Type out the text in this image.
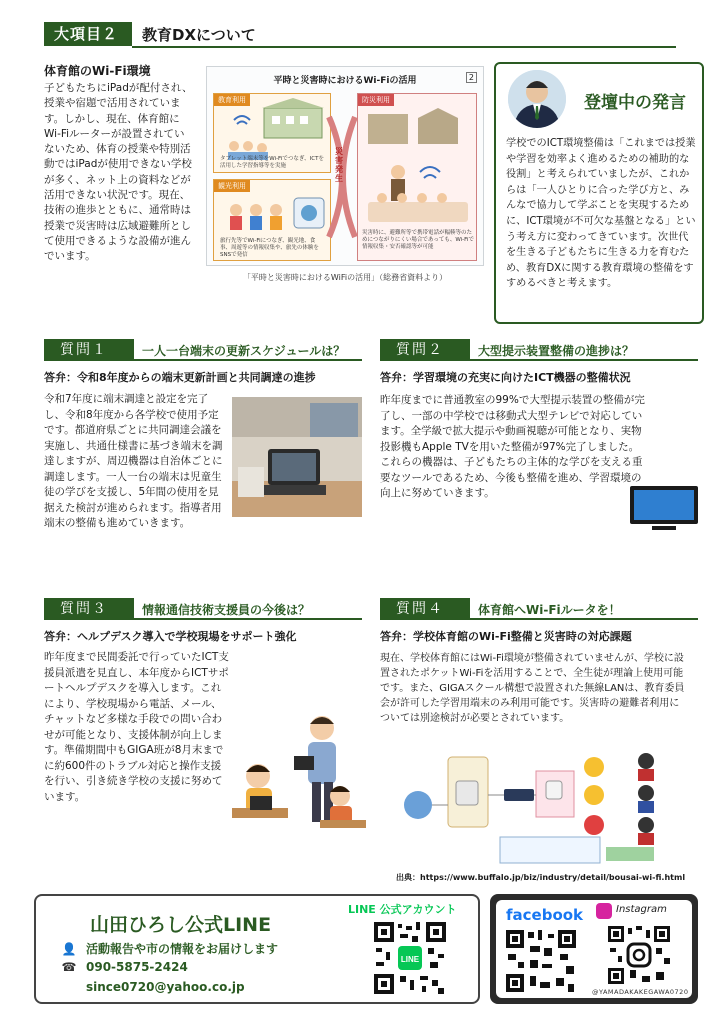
大項目２	教育DXについて
体育館のWi-Fi環境
子どもたちにiPadが配付され、授業や宿題で活用されています。しかし、現在、体育館にWi-Fiルーターが設置されていないため、体育の授業や特別活動ではiPadが使用できない学校が多く、ネット上の資料などが活用できない状況です。現在、技術の進歩とともに、通常時は授業で災害時は広域避難所として使用できるような設備が進んでいます。
平時と災害時におけるWi-Fiの活用	2
教育利用
タブレット端末等をWi-Fiでつなぎ、ICTを活用した学習指導等を実施
観光利用
旅行先等でWi-Fiにつなぎ、観光地、食事、周遊等の情報収集や、旅先の体験をSNSで発信
災害発生
防災利用
災害時に、避難所等で携帯電話が輻輳等のためにつながりにくい場合であっても、Wi-Fiで情報収集・安否確認等が可能
「平時と災害時におけるWiFiの活用」（総務省資料より）
登壇中の発言
学校でのICT環境整備は「これまでは授業や学習を効率よく進めるための補助的な役割」と考えられていましたが、これからは「一人ひとりに合った学び方と、みんなで協力して学ぶことを実現するために、ICT環境が不可欠な基盤となる」という考え方に変わってきています。次世代を生きる子どもたちに生きる力を育むため、教育DXに関する教育環境の整備をすすめるべきと考えます。
質問１	一人一台端末の更新スケジュールは？
答弁：令和8年度からの端末更新計画と共同調達の進捗
令和7年度に端末調達と設定を完了し、令和8年度から各学校で使用予定です。都道府県ごとに共同調達会議を実施し、共通仕様書に基づき端末を調達しますが、周辺機器は自治体ごとに調達します。一人一台の端末は児童生徒の学びを支援し、5年間の使用を見据えた検討が進められます。指導者用端末の整備も進めていきます。
質問２	大型提示装置整備の進捗は？
答弁：学習環境の充実に向けたICT機器の整備状況
昨年度までに普通教室の99%で大型提示装置の整備が完了し、一部の中学校では移動式大型テレビで対応しています。全学級で拡大提示や動画視聴が可能となり、実物投影機もApple TVを用いた整備が97%完了しました。これらの機器は、子どもたちの主体的な学びを支える重要なツールであるため、今後も整備を進め、学習環境の向上に努めていきます。
質問３	情報通信技術支援員の今後は？
答弁：ヘルプデスク導入で学校現場をサポート強化
昨年度まで民間委託で行っていたICT支援員派遣を見直し、本年度からICTサポートヘルプデスクを導入します。これにより、学校現場から電話、メール、チャットなど多様な手段での問い合わせが可能となり、支援体制が向上します。準備期間中もGIGA班が8月末までに約600件のトラブル対応と操作支援を行い、引き続き学校の支援に努めています。
質問４	体育館へWi-Fiルータを！
答弁：学校体育館のWi-Fi整備と災害時の対応課題
現在、学校体育館にはWi-Fi環境が整備されていませんが、学校に設置されたポケットWi-Fiを活用することで、全生徒が理論上使用可能です。また、GIGAスクール構想で設置された無線LANは、教育委員会が許可した学習用端末のみ利用可能です。災害時の避難者利用については別途検討が必要とされています。
出典：https://www.buffalo.jp/biz/industry/detail/bousai-wi-fi.html
山田ひろし公式LINE
👤 活動報告や市の情報をお届けします
☎ 090-5875-2424
since0720@yahoo.co.jp
LINE 公式アカウント
LINE
facebook	Instagram
@YAMADAKAKEGAWA0720
